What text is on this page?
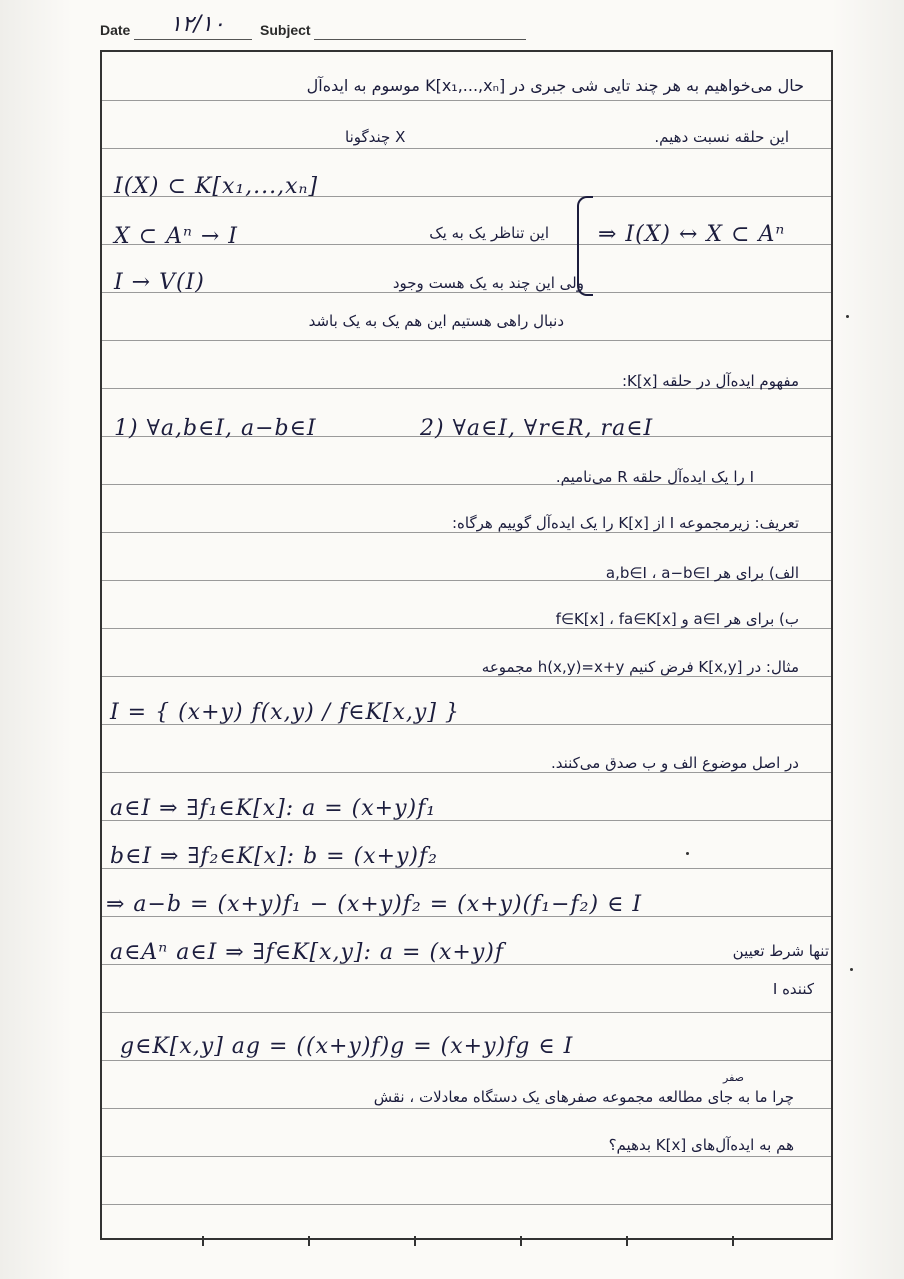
Date ۱۲/۱۰	Subject
حال می‌خواهیم به هر چند تایی شی جبری در K[x₁,...,xₙ] موسوم به ایده‌آل
این حلقه نسبت دهیم.
X چندگونا
I(X) ⊂ K[x₁,...,xₙ]
X ⊂ Aⁿ → I	این تناظر یک به یک ⇒ I(X) ↔ X ⊂ Aⁿ
I → V(I)	ولی این چند به یک هست وجود
دنبال راهی هستیم این هم یک به یک باشد
مفهوم ایده‌آل در حلقه K[x]:
1) ∀a,b∈I, a−b∈I	2) ∀a∈I, ∀r∈R, ra∈I
I را یک ایده‌آل حلقه R می‌نامیم.
تعریف: زیرمجموعه I از K[x] را یک ایده‌آل گوییم هرگاه:
الف) برای هر a,b∈I ، a−b∈I
ب) برای هر a∈I و f∈K[x] ، fa∈K[x]
مثال: در K[x,y] فرض کنیم h(x,y)=x+y مجموعه
I = { (x+y) f(x,y) / f∈K[x,y] }
در اصل موضوع الف و ب صدق می‌کنند.
a∈I ⇒ ∃f₁∈K[x]: a = (x+y)f₁
b∈I ⇒ ∃f₂∈K[x]: b = (x+y)f₂
⇒ a−b = (x+y)f₁ − (x+y)f₂ = (x+y)(f₁−f₂) ∈ I
a∈Aⁿ a∈I ⇒ ∃f∈K[x,y]: a = (x+y)f	تنها شرط تعیین
کننده I
g∈K[x,y] ag = ((x+y)f)g = (x+y)fg ∈ I
صفر
چرا ما به جای مطالعه مجموعه صفرهای یک دستگاه معادلات ، نقش
هم به ایده‌آل‌های K[x] بدهیم؟
